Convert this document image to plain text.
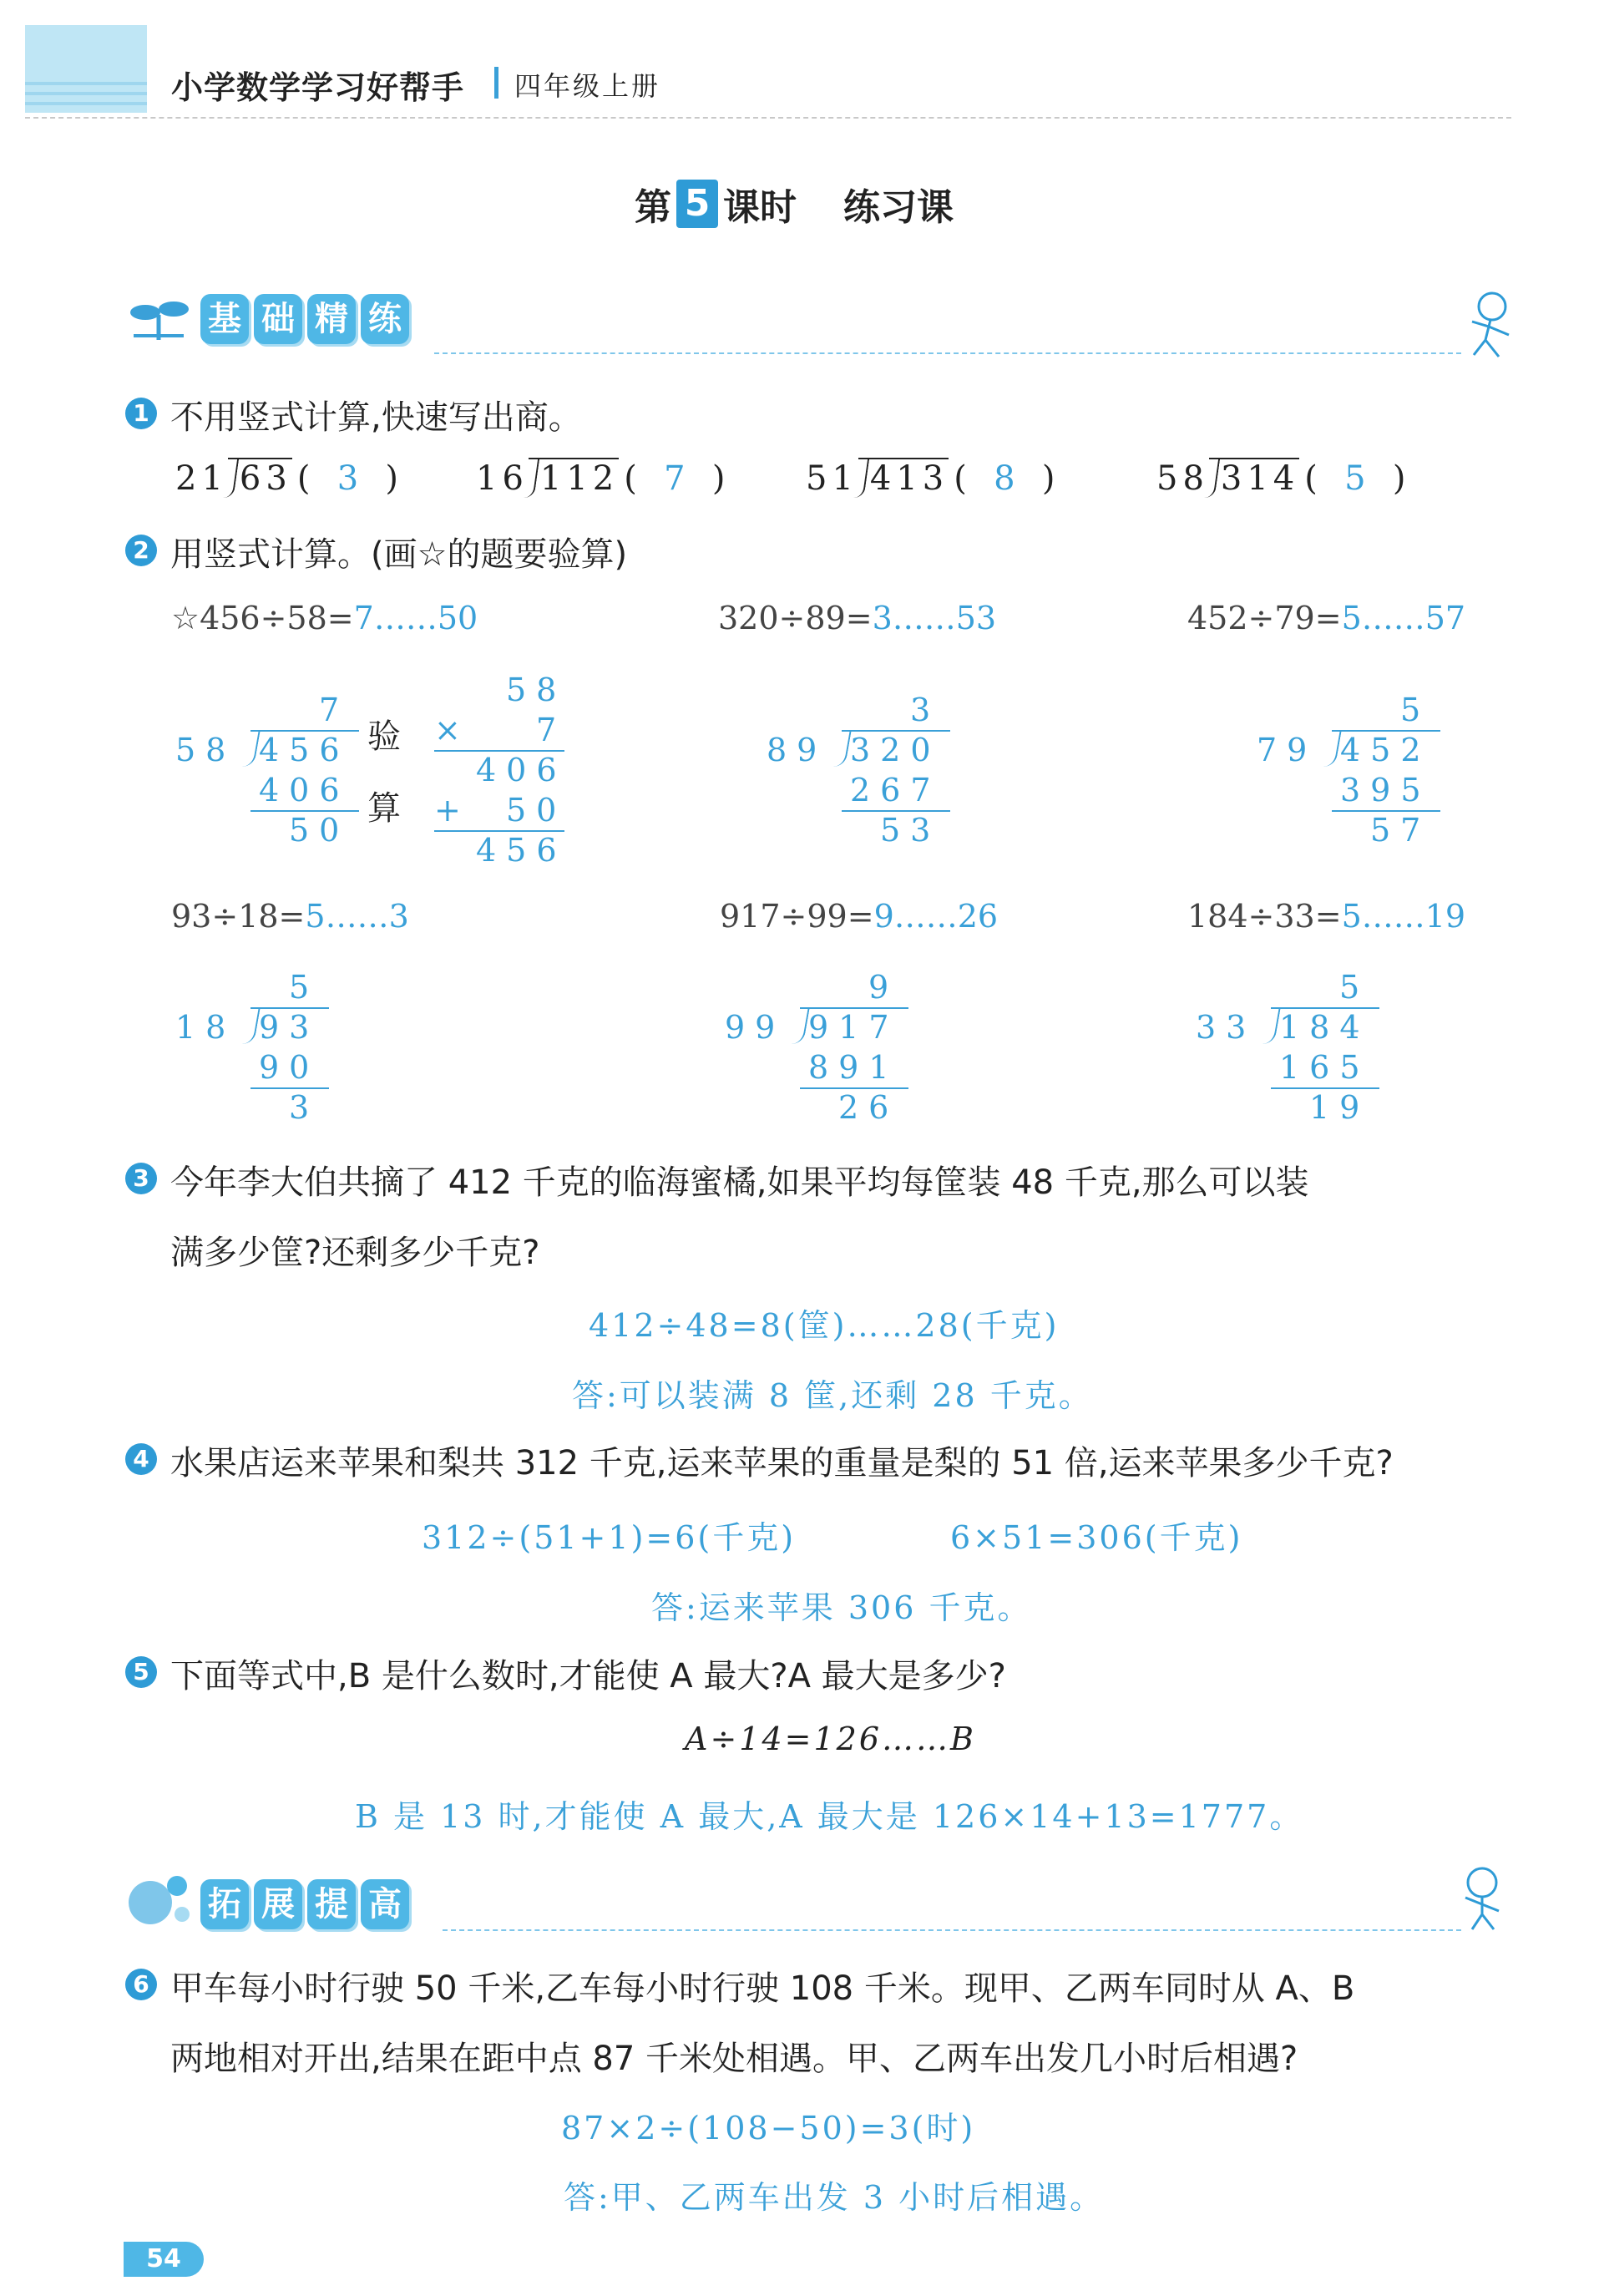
小学数学学习好帮手 四年级上册
第 5 课时 练习课
基 础 精 练
1 不用竖式计算,快速写出商。
21 63 ( 3 ) 16 112 ( 7 ) 51 413 ( 8 )	58 314 ( 5 )
2 用竖式计算。(画☆的题要验算)
☆456÷58=7……50	320÷89=3……53	452÷79=5……57
7
58 456
406
50
验
算
58
× 7
406
+ 50
456
3
89 320
267
53
5
79 452
395
57
93÷18=5……3	917÷99=9……26	184÷33=5……19
5
18 93
90
3
9
99 917
891
26
5
33 184
165
19
3 今年李大伯共摘了 412 千克的临海蜜橘,如果平均每筐装 48 千克,那么可以装
满多少筐?还剩多少千克?
412÷48=8(筐)……28(千克)
答:可以装满 8 筐,还剩 28 千克。
4 水果店运来苹果和梨共 312 千克,运来苹果的重量是梨的 51 倍,运来苹果多少千克?
312÷(51+1)=6(千克)	6×51=306(千克)
答:运来苹果 306 千克。
5 下面等式中,B 是什么数时,才能使 A 最大?A 最大是多少?
A÷14=126……B
B 是 13 时,才能使 A 最大,A 最大是 126×14+13=1777。
拓 展 提 高
6 甲车每小时行驶 50 千米,乙车每小时行驶 108 千米。现甲、乙两车同时从 A、B
两地相对开出,结果在距中点 87 千米处相遇。甲、乙两车出发几小时后相遇?
87×2÷(108−50)=3(时)
答:甲、乙两车出发 3 小时后相遇。
54
